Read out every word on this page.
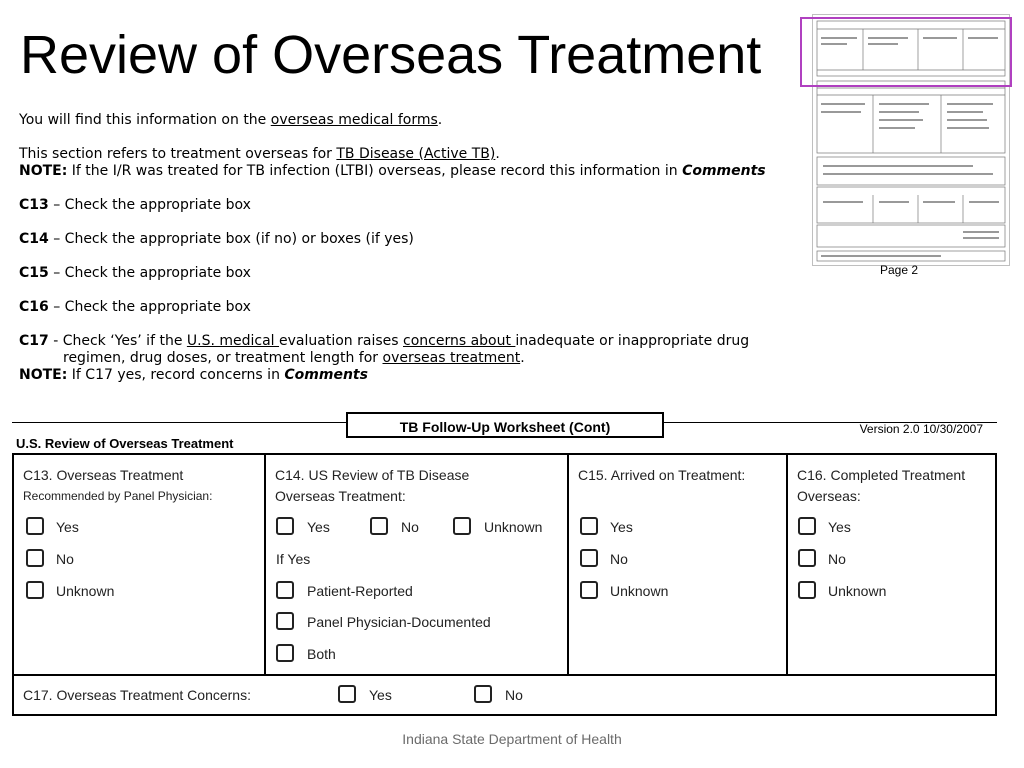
Review of Overseas Treatment

You will find this information on the overseas medical forms.

This section refers to treatment overseas for TB Disease (Active TB).

NOTE: If the I/R was treated for TB infection (LTBI) overseas, please record this information in Comments

C13 – Check the appropriate box

C14 – Check the appropriate box (if no) or boxes (if yes)

C15 – Check the appropriate box

C16 – Check the appropriate box

C17 - Check ‘Yes’ if the U.S. medical evaluation raises concerns about inadequate or inappropriate drug

regimen, drug doses, or treatment length for overseas treatment.

NOTE: If C17 yes, record concerns in Comments

Page 2
TB Follow-Up Worksheet (Cont)	Version 2.0 10/30/2007
U.S. Review of Overseas Treatment
C13. Overseas Treatment
Recommended by Panel Physician:
Yes
No
Unknown
C14. US Review of TB Disease
Overseas Treatment:
Yes	No	Unknown
If Yes
Patient-Reported
Panel Physician-Documented
Both
C15. Arrived on Treatment:
Yes
No
Unknown
C16. Completed Treatment
Overseas:
Yes
No
Unknown
C17. Overseas Treatment Concerns:	Yes	No
Indiana State Department of Health
